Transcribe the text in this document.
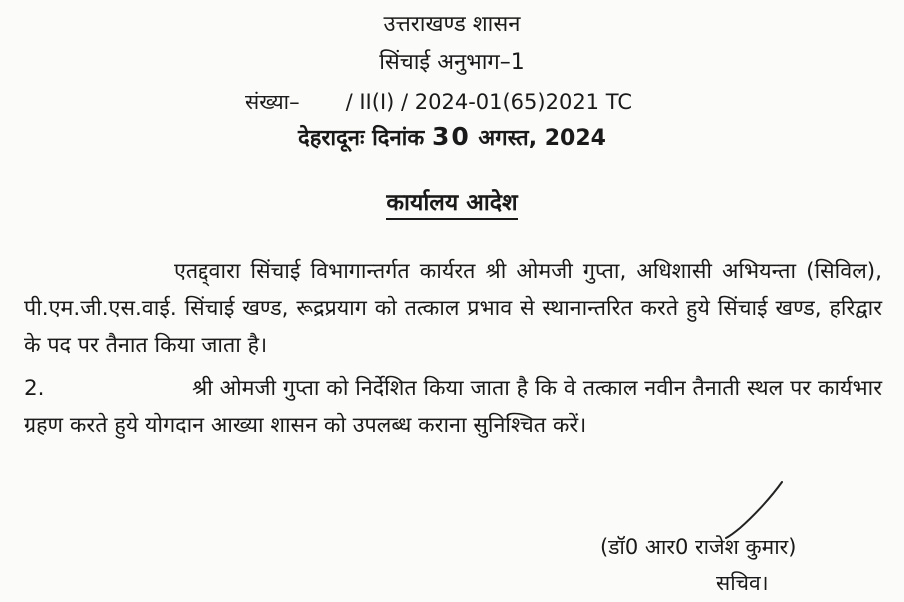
उत्तराखण्ड शासन
सिंचाई अनुभाग–1
संख्या– / II(I) / 2024-01(65)2021 TC
देहरादूनः दिनांक 30 अगस्त, 2024
कार्यालय आदेश
एतद्द्वारा सिंचाई विभागान्तर्गत कार्यरत श्री ओमजी गुप्ता, अधिशासी अभियन्ता (सिविल), पी.एम.जी.एस.वाई. सिंचाई खण्ड, रूद्रप्रयाग को तत्काल प्रभाव से स्थानान्तरित करते हुये सिंचाई खण्ड, हरिद्वार के पद पर तैनात किया जाता है।
2.	श्री ओमजी गुप्ता को निर्देशित किया जाता है कि वे तत्काल नवीन तैनाती स्थल पर कार्यभार ग्रहण करते हुये योगदान आख्या शासन को उपलब्ध कराना सुनिश्चित करें।
(डॉ0 आर0 राजेश कुमार)
सचिव।
